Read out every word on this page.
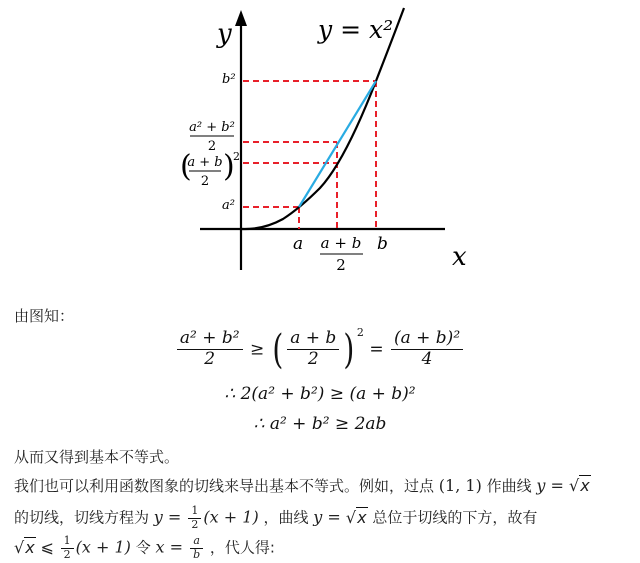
y
x
y = x²
a a + b
2
b
b²
a² + b²
2
(
a + b
2 )
2
a²
由图知：
$\frac{\text{a² + b²}}{2}$ ≥ ( $\frac{a + b}{2}$ ) $^2 = \frac{\text{(a + b)²}}{4}$
∴ 2(a² + b²) ≥ (a + b)²
∴ a² + b² ≥ 2ab
从而又得到基本不等式。
我们也可以利用函数图象的切线来导出基本不等式。例如，过点 (1, 1) 作曲线 y = √x
的切线，切线方程为 $y = \frac{1}{2} (x + 1)$ ，曲线 y = √x 总位于切线的下方，故有
√x ⩽ $\frac{1}{2} (x + 1)$ 令 $x = \frac{a}{b}$ ，代人得:
